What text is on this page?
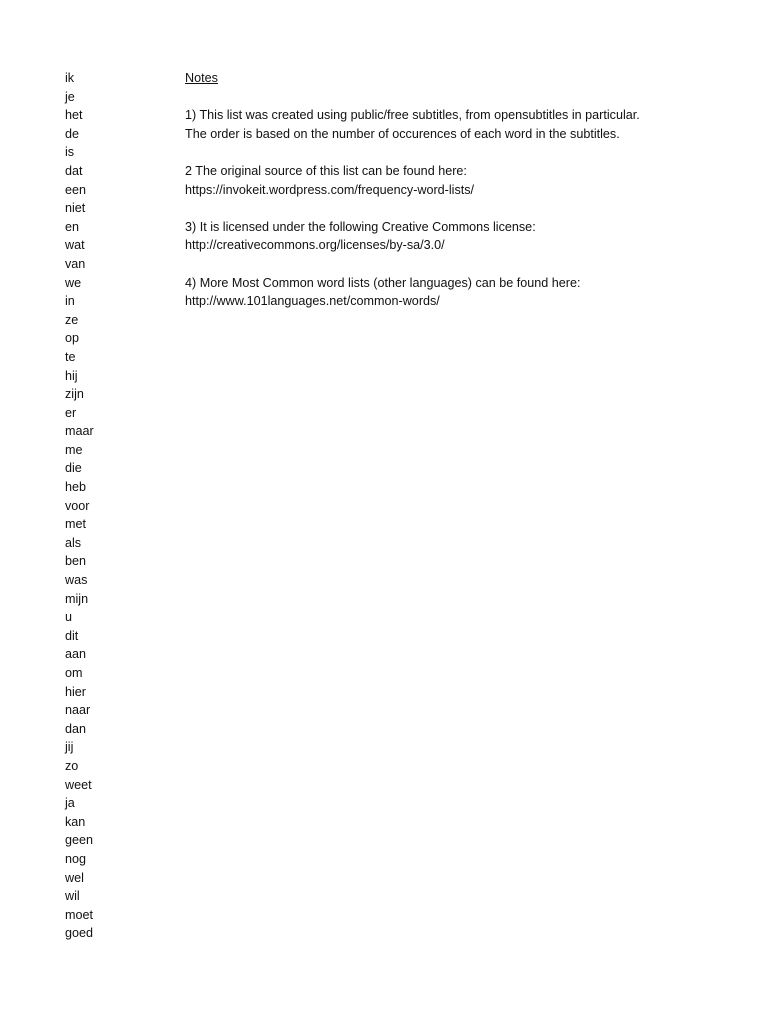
ik
je
het
de
is
dat
een
niet
en
wat
van
we
in
ze
op
te
hij
zijn
er
maar
me
die
heb
voor
met
als
ben
was
mijn
u
dit
aan
om
hier
naar
dan
jij
zo
weet
ja
kan
geen
nog
wel
wil
moet
goed
Notes
1) This list was created using public/free subtitles, from opensubtitles in particular.
The order is based on the number of occurences of each word in the subtitles.
2 The original source of this list can be found here:
https://invokeit.wordpress.com/frequency-word-lists/
3) It is licensed under the following Creative Commons license:
http://creativecommons.org/licenses/by-sa/3.0/
4) More Most Common word lists (other languages) can be found here:
http://www.101languages.net/common-words/
